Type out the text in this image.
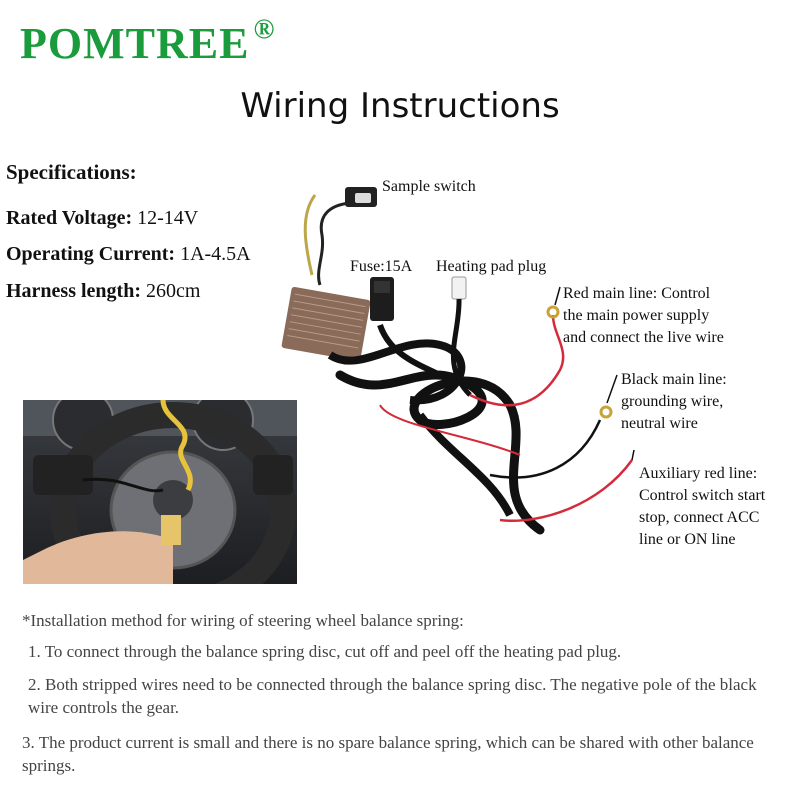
POMTREE ®
Wiring Instructions
Specifications:
Rated Voltage: 12-14V
Operating Current: 1A-4.5A
Harness length: 260cm
Sample switch
Fuse:15A Heating pad plug
Red main line: Control
the main power supply
and connect the live wire
Black main line:
grounding wire,
neutral wire
Auxiliary red line:
Control switch start
stop, connect ACC
line or ON line
*Installation method for wiring of steering wheel balance spring:
1. To connect through the balance spring disc, cut off and peel off the heating pad plug.
2. Both stripped wires need to be connected through the balance spring disc. The negative pole of the black wire controls the gear.
3. The product current is small and there is no spare balance spring, which can be shared with other balance springs.
